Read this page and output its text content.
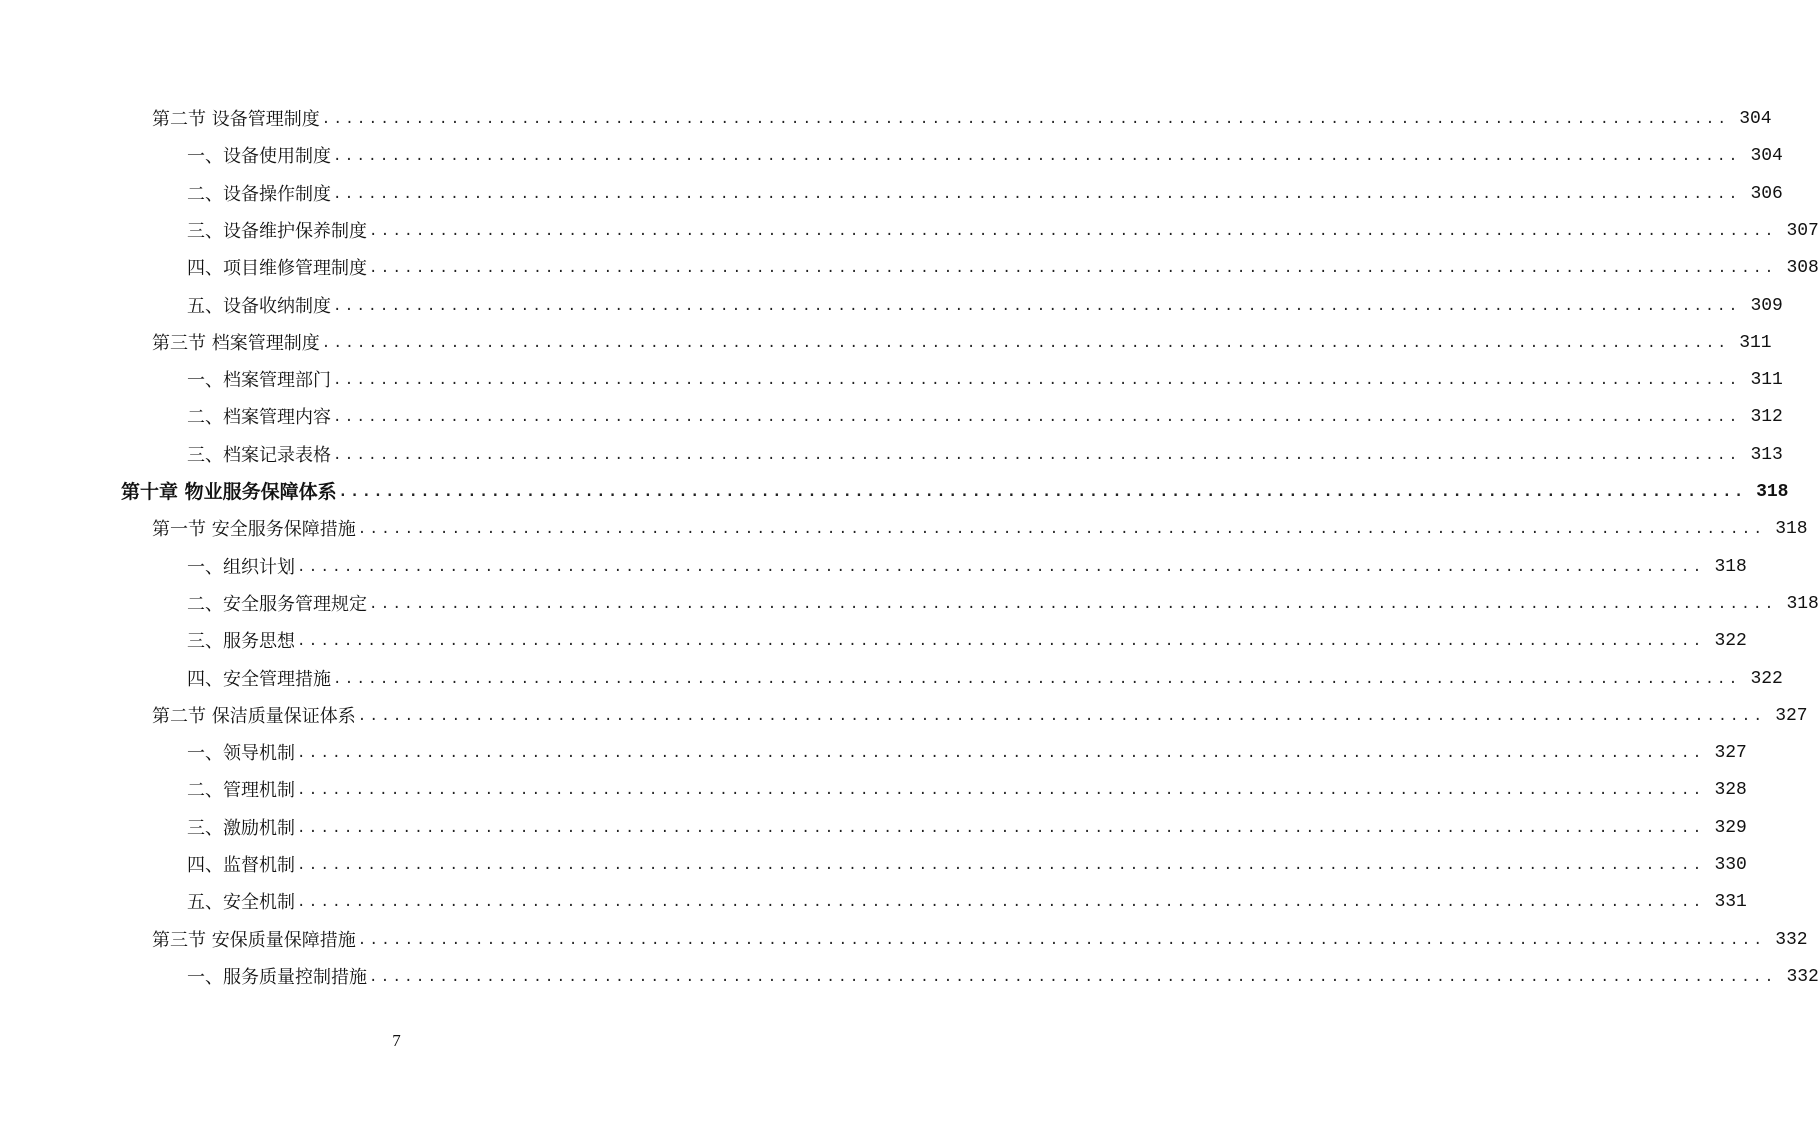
第二节 设备管理制度 ........................................................................................................................ 304
一、设备使用制度 ........................................................................................................................ 304
二、设备操作制度 ........................................................................................................................ 306
三、设备维护保养制度 ........................................................................................................................ 307
四、项目维修管理制度 ........................................................................................................................ 308
五、设备收纳制度 ........................................................................................................................ 309
第三节 档案管理制度 ........................................................................................................................ 311
一、档案管理部门 ........................................................................................................................ 311
二、档案管理内容 ........................................................................................................................ 312
三、档案记录表格 ........................................................................................................................ 313
第十章 物业服务保障体系 ........................................................................................................................ 318
第一节 安全服务保障措施 ........................................................................................................................ 318
一、组织计划 ........................................................................................................................ 318
二、安全服务管理规定 ........................................................................................................................ 318
三、服务思想 ........................................................................................................................ 322
四、安全管理措施 ........................................................................................................................ 322
第二节 保洁质量保证体系 ........................................................................................................................ 327
一、领导机制 ........................................................................................................................ 327
二、管理机制 ........................................................................................................................ 328
三、激励机制 ........................................................................................................................ 329
四、监督机制 ........................................................................................................................ 330
五、安全机制 ........................................................................................................................ 331
第三节 安保质量保障措施 ........................................................................................................................ 332
一、服务质量控制措施 ........................................................................................................................ 332
7
